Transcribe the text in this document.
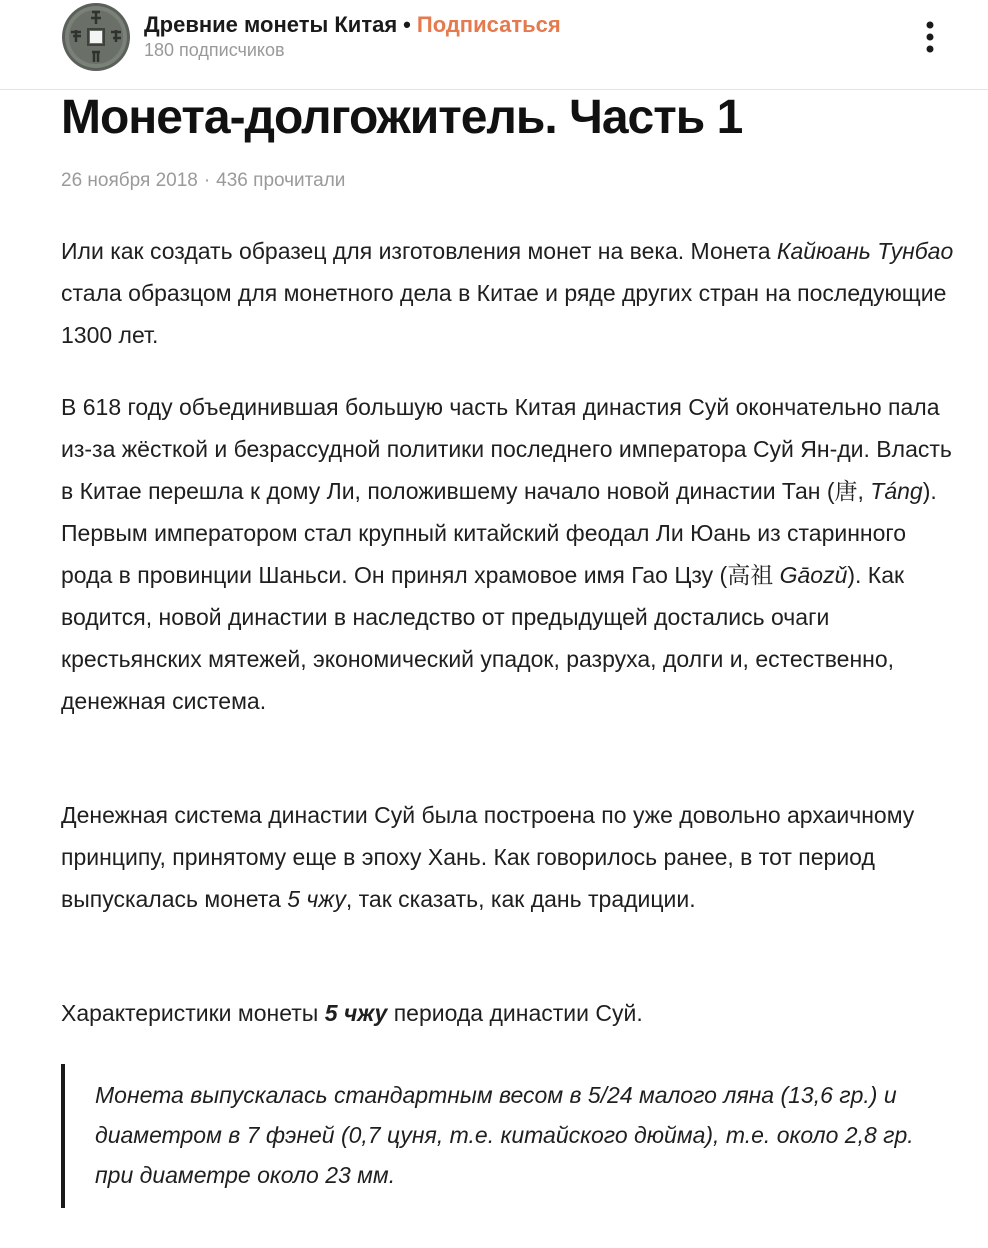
Древние монеты Китая • Подписаться
180 подписчиков
Монета-долгожитель. Часть 1
26 ноября 2018 · 436 прочитали

Или как создать образец для изготовления монет на века. Монета Кайюань Тунбао стала образцом для монетного дела в Китае и ряде других стран на последующие 1300 лет.

В 618 году объединившая большую часть Китая династия Суй окончательно пала из-за жёсткой и безрассудной политики последнего императора Суй Ян-ди. Власть в Китае перешла к дому Ли, положившему начало новой династии Тан (唐, Táng). Первым императором стал крупный китайский феодал Ли Юань из старинного рода в провинции Шаньси. Он принял храмовое имя Гао Цзу (高祖 Gāozǔ). Как водится, новой династии в наследство от предыдущей достались очаги крестьянских мятежей, экономический упадок, разруха, долги и, естественно, денежная система.

Денежная система династии Суй была построена по уже довольно архаичному принципу, принятому еще в эпоху Хань. Как говорилось ранее, в тот период выпускалась монета 5 чжу, так сказать, как дань традиции.

Характеристики монеты 5 чжу периода династии Суй.

Монета выпускалась стандартным весом в 5/24 малого ляна (13,6 гр.) и диаметром в 7 фэней (0,7 цуня, т.е. китайского дюйма), т.е. около 2,8 гр. при диаметре около 23 мм.
